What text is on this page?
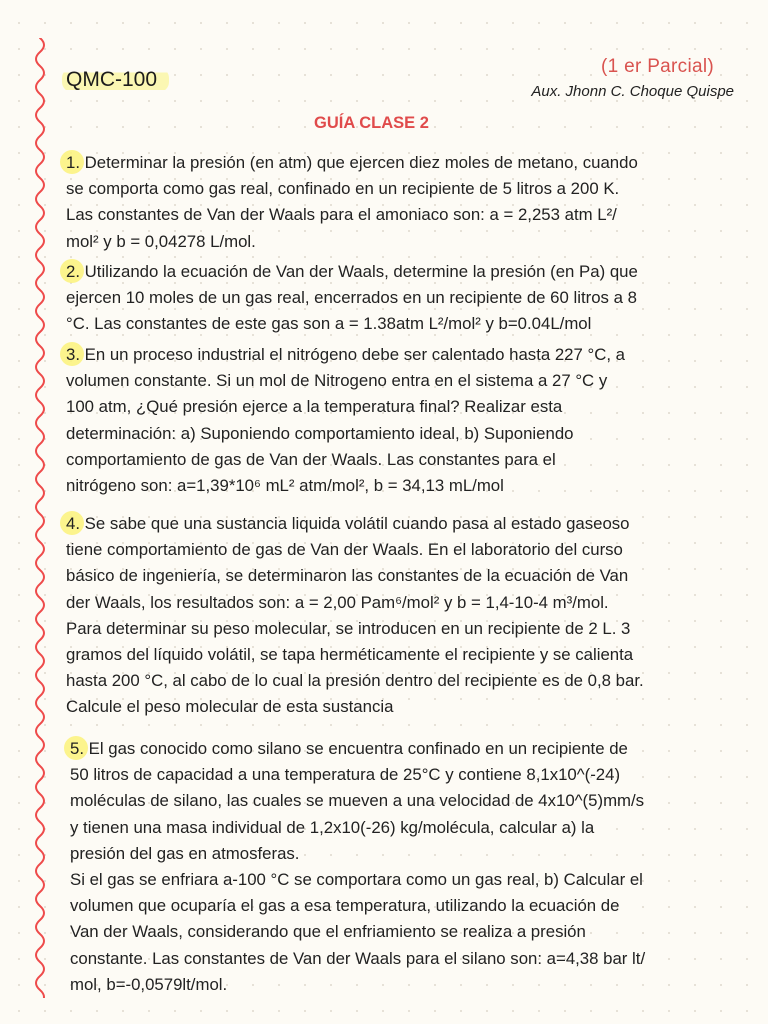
QMC-100
(1 er Parcial)
Aux. Jhonn C. Choque Quispe
GUÍA CLASE 2
1. Determinar la presión (en atm) que ejercen diez moles de metano, cuando
se comporta como gas real, confinado en un recipiente de 5 litros a 200 K.
Las constantes de Van der Waals para el amoniaco son: a = 2,253 atm L²/
mol² y b = 0,04278 L/mol.
2. Utilizando la ecuación de Van der Waals, determine la presión (en Pa) que
ejercen 10 moles de un gas real, encerrados en un recipiente de 60 litros a 8
°C. Las constantes de este gas son a = 1.38atm L²/mol² y b=0.04L/mol
3. En un proceso industrial el nitrógeno debe ser calentado hasta 227 °C, a
volumen constante. Si un mol de Nitrogeno entra en el sistema a 27 °C y
100 atm, ¿Qué presión ejerce a la temperatura final? Realizar esta
determinación: a) Suponiendo comportamiento ideal, b) Suponiendo
comportamiento de gas de Van der Waals. Las constantes para el
nitrógeno son: a=1,39*10⁶ mL² atm/mol², b = 34,13 mL/mol
4. Se sabe que una sustancia liquida volátil cuando pasa al estado gaseoso
tiene comportamiento de gas de Van der Waals. En el laboratorio del curso
básico de ingeniería, se determinaron las constantes de la ecuación de Van
der Waals, los resultados son: a = 2,00 Pam⁶/mol² y b = 1,4-10-4 m³/mol.
Para determinar su peso molecular, se introducen en un recipiente de 2 L. 3
gramos del líquido volátil, se tapa herméticamente el recipiente y se calienta
hasta 200 °C, al cabo de lo cual la presión dentro del recipiente es de 0,8 bar.
Calcule el peso molecular de esta sustancia
5. El gas conocido como silano se encuentra confinado en un recipiente de
50 litros de capacidad a una temperatura de 25°C y contiene 8,1x10^(-24)
moléculas de silano, las cuales se mueven a una velocidad de 4x10^(5)mm/s
y tienen una masa individual de 1,2x10(-26) kg/molécula, calcular a) la
presión del gas en atmosferas.
Si el gas se enfriara a-100 °C se comportara como un gas real, b) Calcular el
volumen que ocuparía el gas a esa temperatura, utilizando la ecuación de
Van der Waals, considerando que el enfriamiento se realiza a presión
constante. Las constantes de Van der Waals para el silano son: a=4,38 bar lt/
mol, b=-0,0579lt/mol.
